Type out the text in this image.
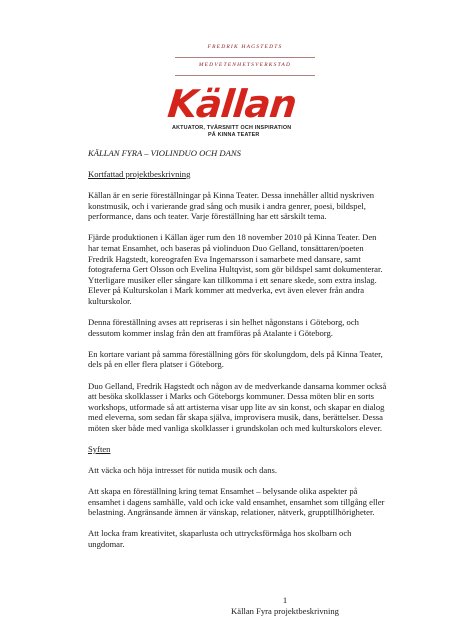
FREDRIK HAGSTEDTS
MEDVETENHETSVERKSTAD
Källan
AKTUATOR, TVÄRSNITT OCH INSPIRATION
PÅ KINNA TEATER

KÄLLAN FYRA – VIOLINDUO OCH DANS

Kortfattad projektbeskrivning

Källan är en serie föreställningar på Kinna Teater. Dessa innehåller alltid nyskriven konstmusik, och i varierande grad sång och musik i andra genrer, poesi, bildspel, performance, dans och teater. Varje föreställning har ett särskilt tema.

Fjärde produktionen i Källan äger rum den 18 november 2010 på Kinna Teater. Den har temat Ensamhet, och baseras på violinduon Duo Gelland, tonsättaren/poeten Fredrik Hagstedt, koreografen Eva Ingemarsson i samarbete med dansare, samt fotograferna Gert Olsson och Evelina Hultqvist, som gör bildspel samt dokumenterar. Ytterligare musiker eller sångare kan tillkomma i ett senare skede, som extra inslag. Elever på Kulturskolan i Mark kommer att medverka, evt även elever från andra kulturskolor.

Denna föreställning avses att repriseras i sin helhet någonstans i Göteborg, och dessutom kommer inslag från den att framföras på Atalante i Göteborg.

En kortare variant på samma föreställning görs för skolungdom, dels på Kinna Teater, dels på en eller flera platser i Göteborg.

Duo Gelland, Fredrik Hagstedt och någon av de medverkande dansarna kommer också att besöka skolklasser i Marks och Göteborgs kommuner. Dessa möten blir en sorts workshops, utformade så att artisterna visar upp lite av sin konst, och skapar en dialog med eleverna, som sedan får skapa själva, improvisera musik, dans, berättelser. Dessa möten sker både med vanliga skolklasser i grundskolan och med kulturskolors elever.

Syften

Att väcka och höja intresset för nutida musik och dans.

Att skapa en föreställning kring temat Ensamhet – belysande olika aspekter på ensamhet i dagens samhälle, vald och icke vald ensamhet, ensamhet som tillgång eller belastning. Angränsande ämnen är vänskap, relationer, nätverk, grupptillhörigheter.

Att locka fram kreativitet, skaparlusta och uttrycksförmåga hos skolbarn och ungdomar.

1
Källan Fyra projektbeskrivning
